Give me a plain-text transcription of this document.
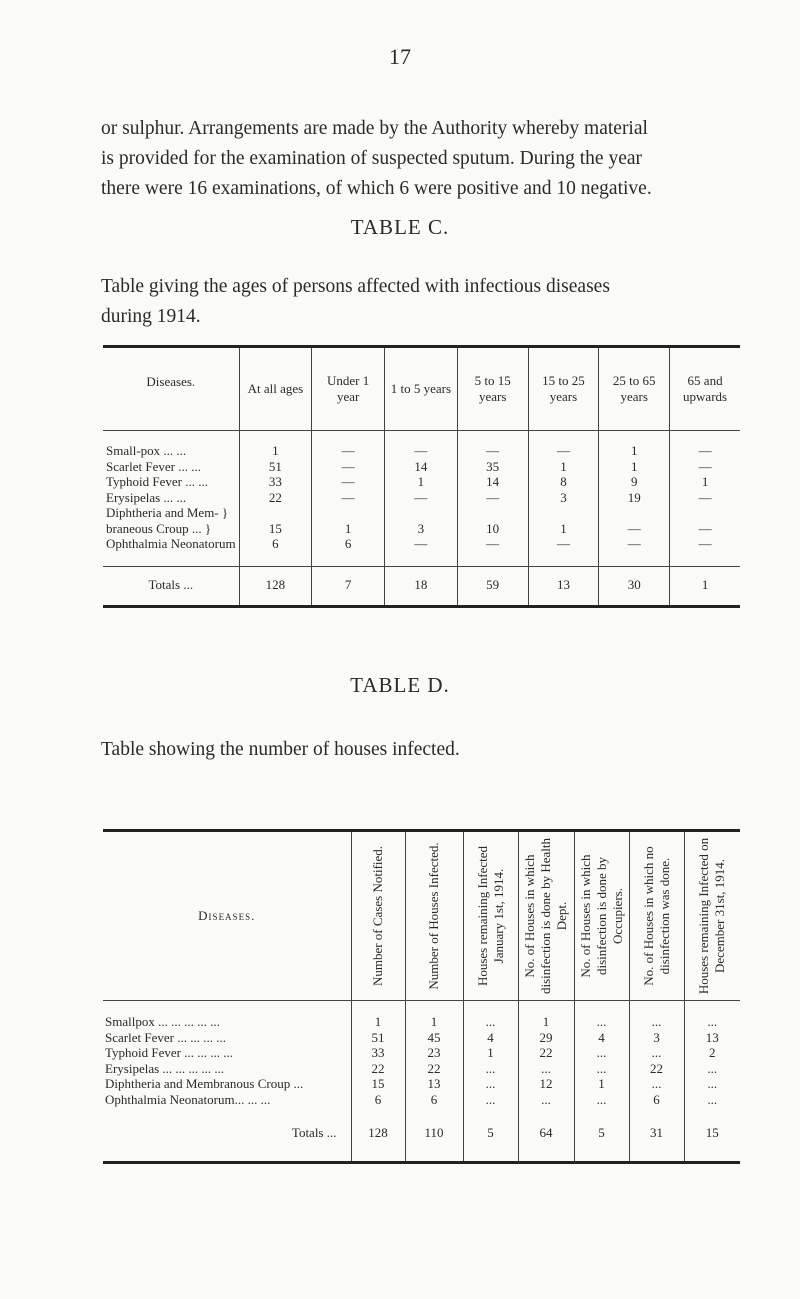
17

or sulphur. Arrangements are made by the Authority whereby material

is provided for the examination of suspected sputum. During the year

there were 16 examinations, of which 6 were positive and 10 negative.

TABLE C.

Table giving the ages of persons affected with infectious diseases

during 1914.

Diseases.	At all ages	Under 1 year	1 to 5 years	5 to 15 years	15 to 25 years	25 to 65 years	65 and upwards
Small-pox ... ...	1	—	—	—	—	1	—
Scarlet Fever ... ...	51	—	14	35	1	1	—
Typhoid Fever ... ...	33	—	1	14	8	9	1
Erysipelas ... ...	22	—	—	—	3	19	—
Diphtheria and Mem- }							
braneous Croup ... }	15	1	3	10	1	—	—
Ophthalmia Neonatorum	6	6	—	—	—	—	—
Totals ...	128	7	18	59	13	30	1
TABLE D.

Table showing the number of houses infected.

Diseases.	Number of Cases Notified.	Number of Houses Infected.	Houses remaining Infected January 1st, 1914.	No. of Houses in which disinfection is done by Health Dept.	No. of Houses in which disinfection is done by Occupiers.	No. of Houses in which no disinfection was done.	Houses remaining Infected on December 31st, 1914.

Smallpox ... ... ... ... ...	1	1	...	1	...	...	...
Scarlet Fever ... ... ... ...	51	45	4	29	4	3	13
Typhoid Fever ... ... ... ...	33	23	1	22	...	...	2
Erysipelas ... ... ... ... ...	22	22	...	...	...	22	...
Diphtheria and Membranous Croup ...	15	13	...	12	1	...	...
Ophthalmia Neonatorum... ... ...	6	6	...	...	...	6	...
Totals ...	128	110	5	64	5	31	15
